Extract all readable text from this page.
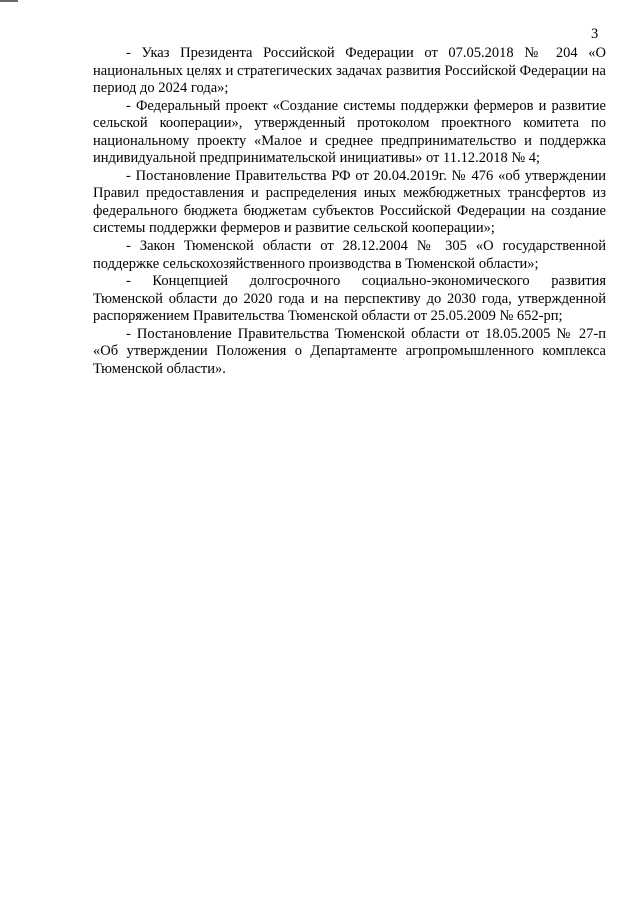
3

- Указ Президента Российской Федерации от 07.05.2018 № 204 «О национальных целях и стратегических задачах развития Российской Федерации на период до 2024 года»;

- Федеральный проект «Создание системы поддержки фермеров и развитие сельской кооперации», утвержденный протоколом проектного комитета по национальному проекту «Малое и среднее предпринимательство и поддержка индивидуальной предпринимательской инициативы» от 11.12.2018 № 4;

- Постановление Правительства РФ от 20.04.2019г. № 476 «об утверждении Правил предоставления и распределения иных межбюджетных трансфертов из федерального бюджета бюджетам субъектов Российской Федерации на создание системы поддержки фермеров и развитие сельской кооперации»;

- Закон Тюменской области от 28.12.2004 № 305 «О государственной поддержке сельскохозяйственного производства в Тюменской области»;

- Концепцией долгосрочного социально-экономического развития Тюменской области до 2020 года и на перспективу до 2030 года, утвержденной распоряжением Правительства Тюменской области от 25.05.2009 № 652-рп;

- Постановление Правительства Тюменской области от 18.05.2005 № 27-п «Об утверждении Положения о Департаменте агропромышленного комплекса Тюменской области».
